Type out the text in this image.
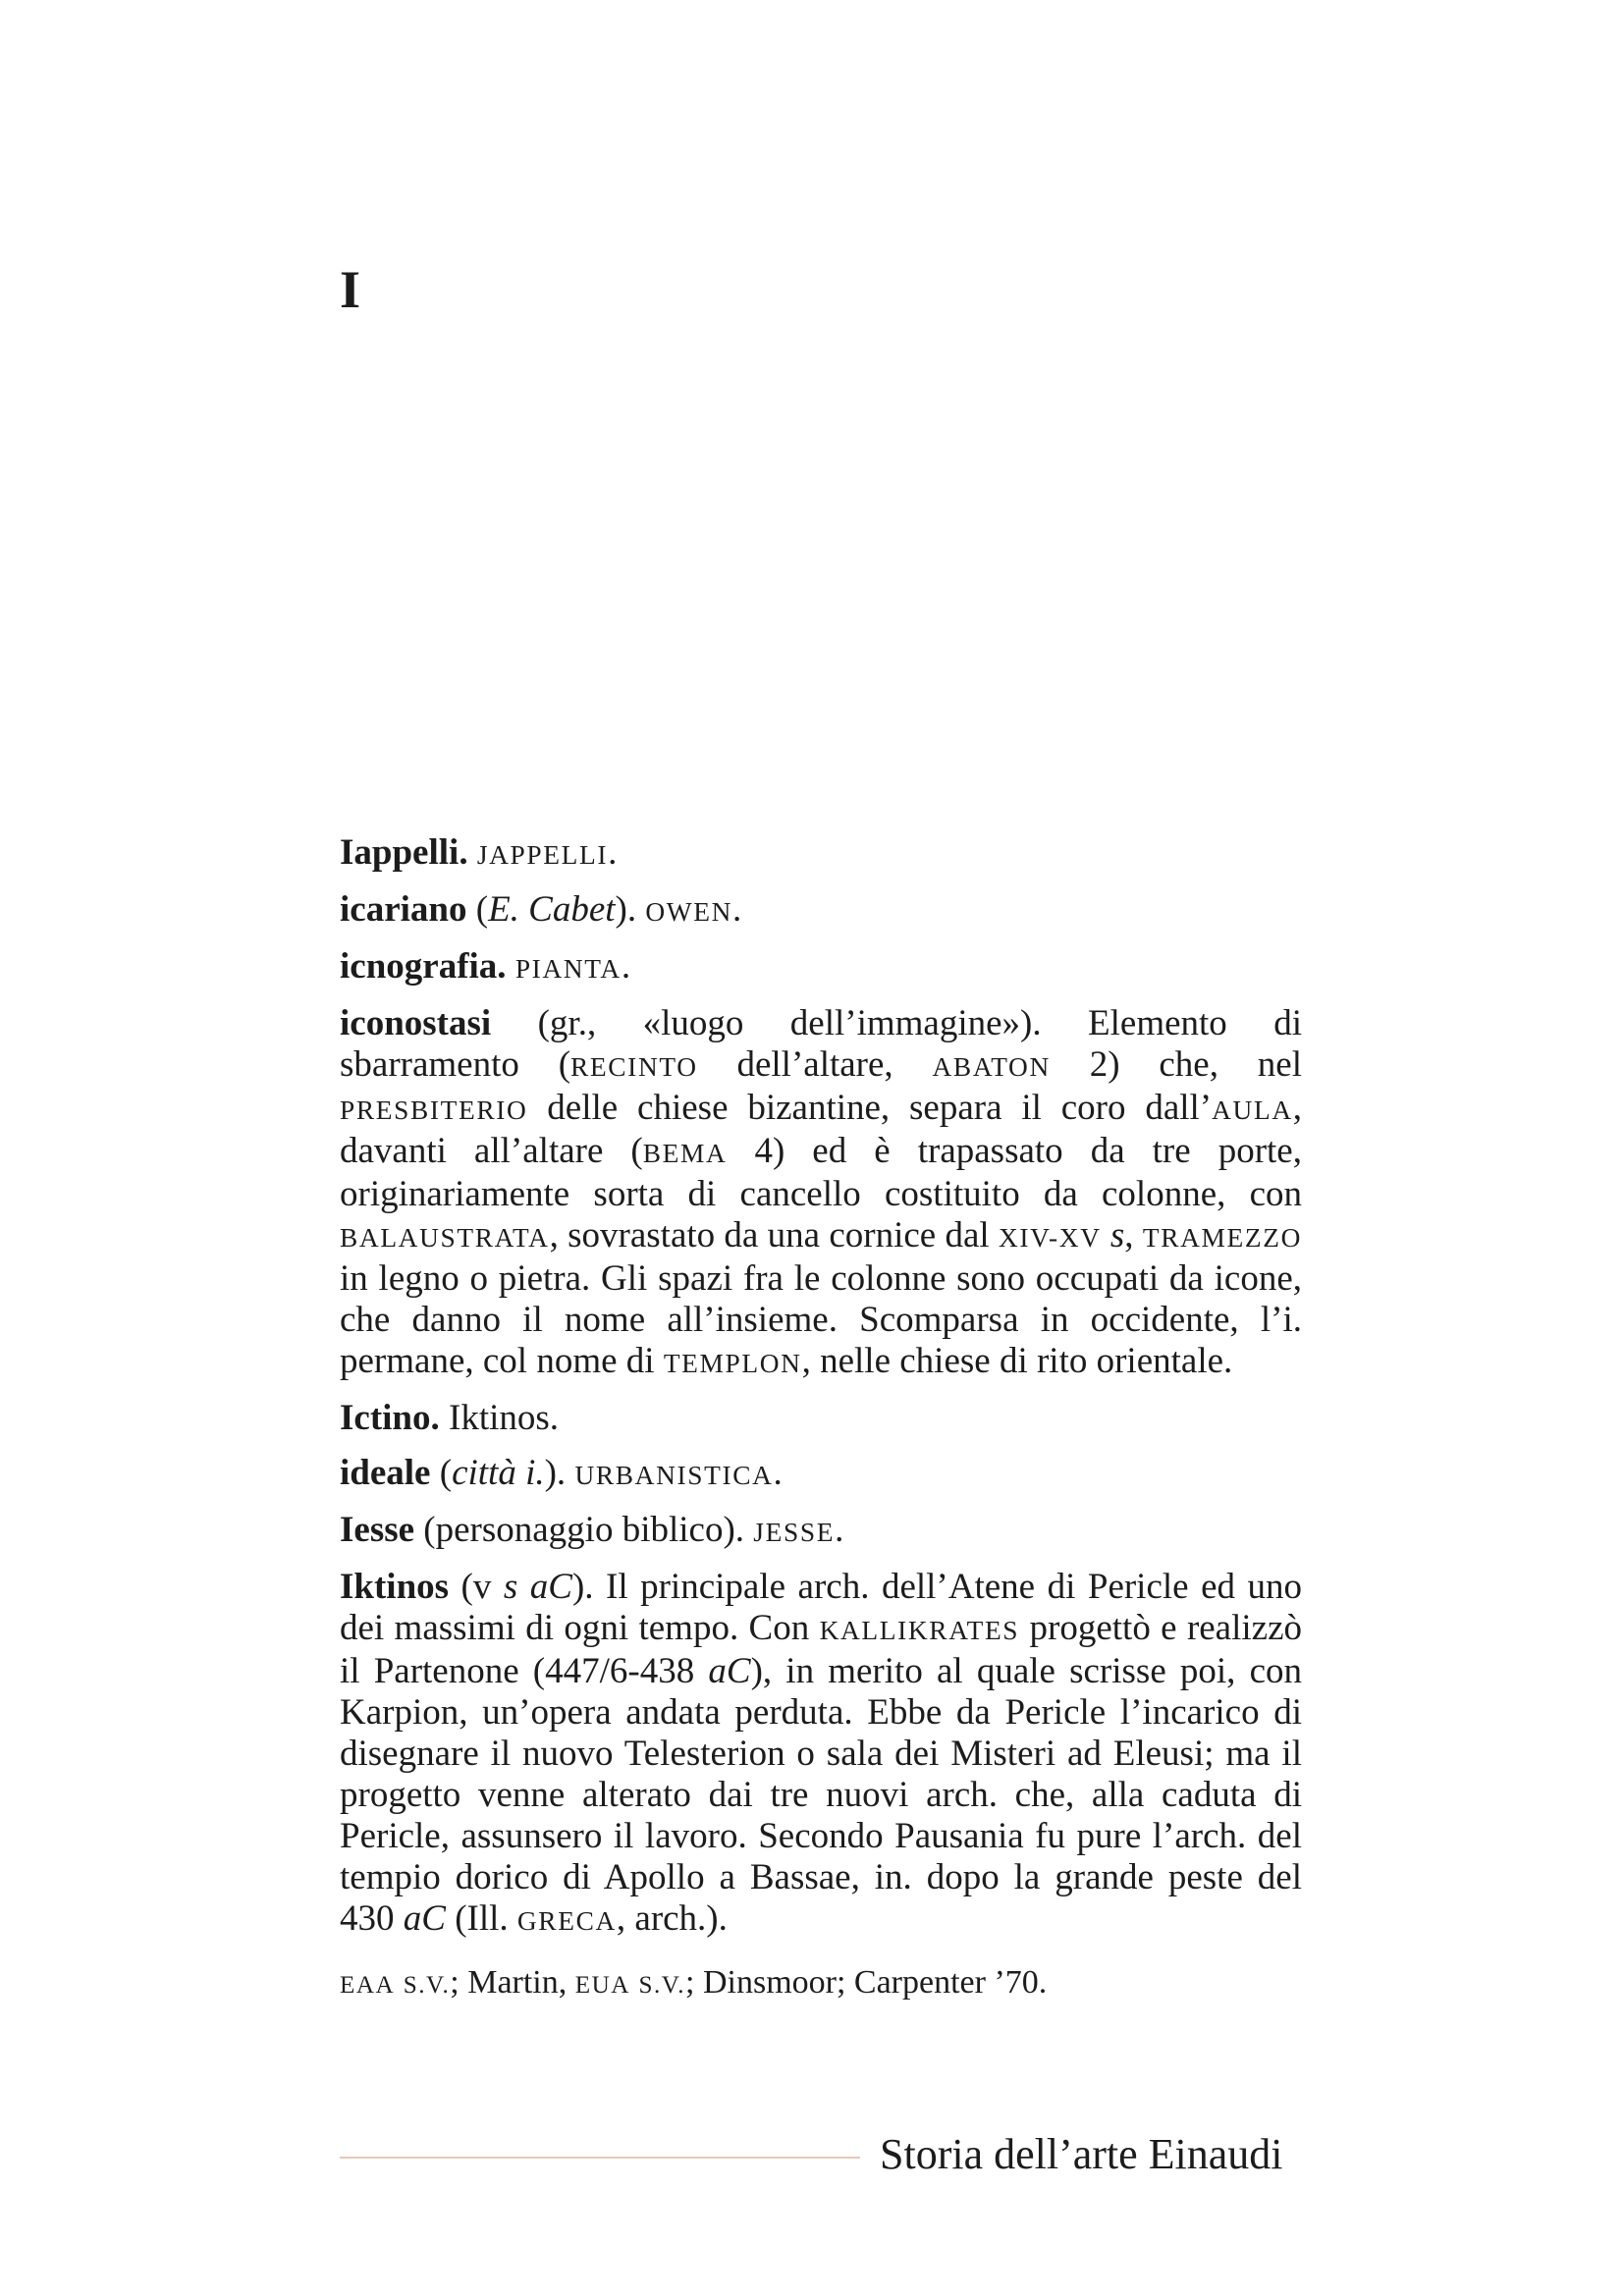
I

Iappelli. JAPPELLI.

icariano (E. Cabet). OWEN.

icnografia. PIANTA.

iconostasi (gr., «luogo dell’immagine»). Elemento di sbarramento (RECINTO dell’altare, ABATON 2) che, nel PRESBITERIO delle chiese bizantine, separa il coro dall’AULA, davanti all’altare (BEMA 4) ed è trapassato da tre porte, originariamente sorta di cancello costituito da colonne, con BALAUSTRATA, sovrastato da una cornice dal XIV-XV s, TRAMEZZO in legno o pietra. Gli spazi fra le colonne sono occupati da icone, che danno il nome all’insieme. Scomparsa in occidente, l’i. permane, col nome di TEMPLON, nelle chiese di rito orientale.

Ictino. Iktinos.

ideale (città i.). URBANISTICA.

Iesse (personaggio biblico). JESSE.

Iktinos (v s aC). Il principale arch. dell’Atene di Pericle ed uno dei massimi di ogni tempo. Con KALLIKRATES progettò e realizzò il Partenone (447/6-438 aC), in merito al quale scrisse poi, con Karpion, un’opera andata perduta. Ebbe da Pericle l’incarico di disegnare il nuovo Telesterion o sala dei Misteri ad Eleusi; ma il progetto venne alterato dai tre nuovi arch. che, alla caduta di Pericle, assunsero il lavoro. Secondo Pausania fu pure l’arch. del tempio dorico di Apollo a Bassae, in. dopo la grande peste del 430 aC (Ill. GRECA, arch.).

EAA S.V.; Martin, EUA S.V.; Dinsmoor; Carpenter ’70.

Storia dell’arte Einaudi
